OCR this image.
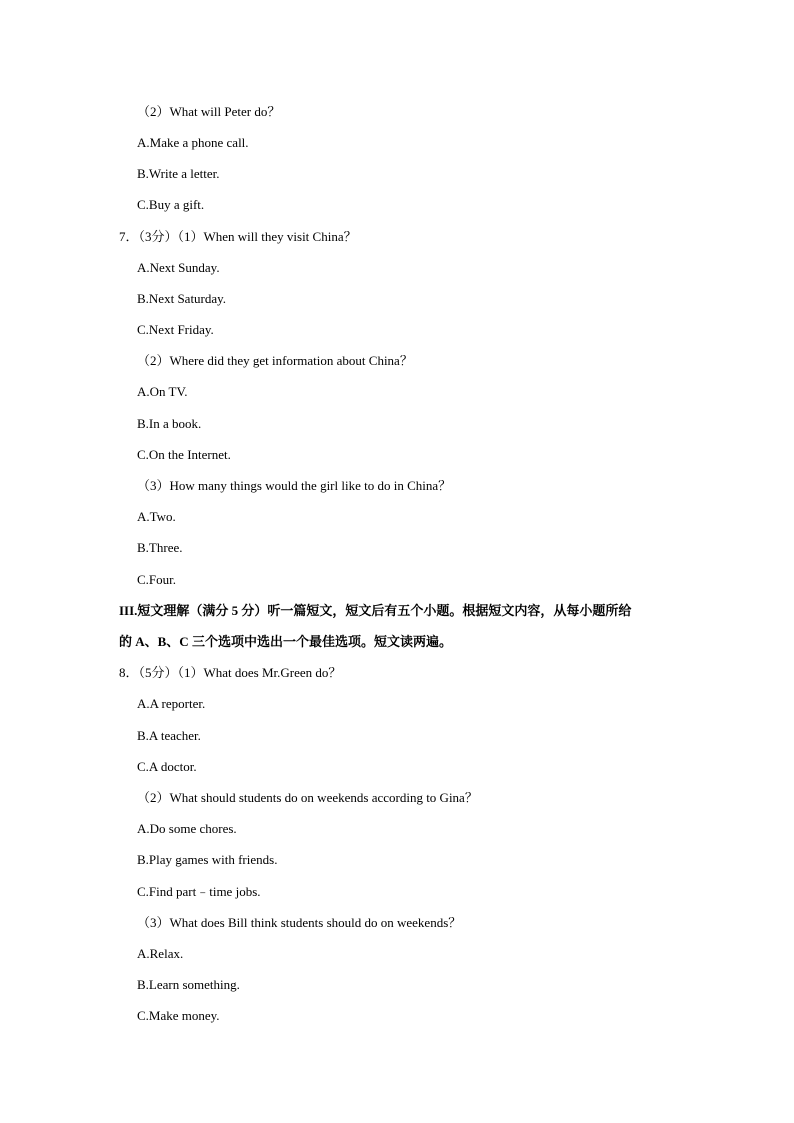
（2）What will Peter do？
A.Make a phone call.
B.Write a letter.
C.Buy a gift.
7．（3分）（1）When will they visit China？
A.Next Sunday.
B.Next Saturday.
C.Next Friday.
（2）Where did they get information about China？
A.On TV.
B.In a book.
C.On the Internet.
（3）How many things would the girl like to do in China？
A.Two.
B.Three.
C.Four.
III.短文理解（满分 5 分）听一篇短文，短文后有五个小题。根据短文内容，从每小题所给
的 A、B、C 三个选项中选出一个最佳选项。短文读两遍。
8．（5分）（1）What does Mr.Green do？
A.A reporter.
B.A teacher.
C.A doctor.
（2）What should students do on weekends according to Gina？
A.Do some chores.
B.Play games with friends.
C.Find part﹣time jobs.
（3）What does Bill think students should do on weekends？
A.Relax.
B.Learn something.
C.Make money.
